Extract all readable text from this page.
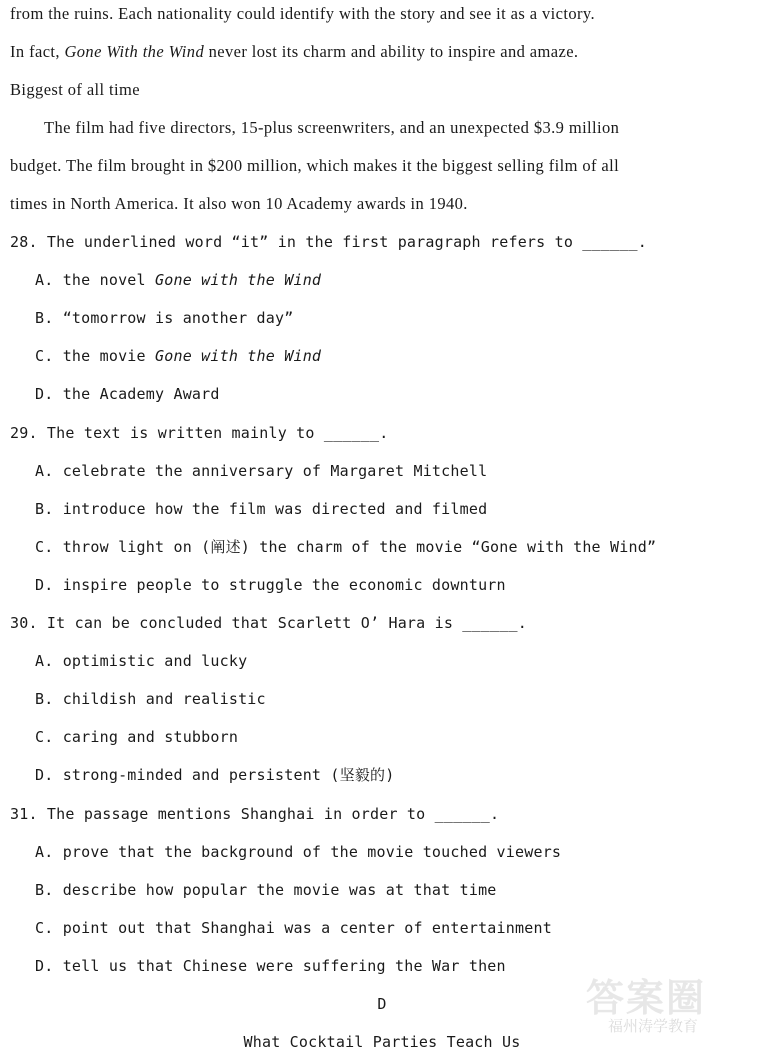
from the ruins. Each nationality could identify with the story and see it as a victory.
In fact, Gone With the Wind never lost its charm and ability to inspire and amaze.
Biggest of all time
The film had five directors, 15-plus screenwriters, and an unexpected $3.9 million
budget. The film brought in $200 million, which makes it the biggest selling film of all
times in North America. It also won 10 Academy awards in 1940.
28. The underlined word “it” in the first paragraph refers to ______.
A. the novel Gone with the Wind
B. “tomorrow is another day”
C. the movie Gone with the Wind
D. the Academy Award
29. The text is written mainly to ______.
A. celebrate the anniversary of Margaret Mitchell
B. introduce how the film was directed and filmed
C. throw light on (阐述) the charm of the movie “Gone with the Wind”
D. inspire people to struggle the economic downturn
30. It can be concluded that Scarlett O’ Hara is ______.
A. optimistic and lucky
B. childish and realistic
C. caring and stubborn
D. strong-minded and persistent (坚毅的)
31. The passage mentions Shanghai in order to ______.
A. prove that the background of the movie touched viewers
B. describe how popular the movie was at that time
C. point out that Shanghai was a center of entertainment
D. tell us that Chinese were suffering the War then
D
What Cocktail Parties Teach Us
答案圈
福州涛学教育
